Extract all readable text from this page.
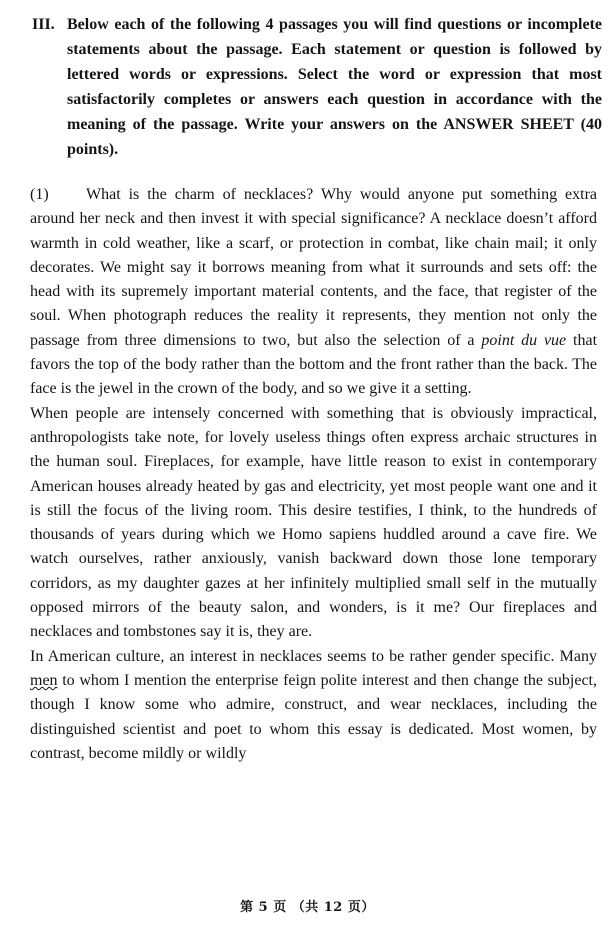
III. Below each of the following 4 passages you will find questions or incomplete statements about the passage. Each statement or question is followed by lettered words or expressions. Select the word or expression that most satisfactorily completes or answers each question in accordance with the meaning of the passage. Write your answers on the ANSWER SHEET (40 points).

(1) What is the charm of necklaces? Why would anyone put something extra around her neck and then invest it with special significance? A necklace doesn’t afford warmth in cold weather, like a scarf, or protection in combat, like chain mail; it only decorates. We might say it borrows meaning from what it surrounds and sets off: the head with its supremely important material contents, and the face, that register of the soul. When photograph reduces the reality it represents, they mention not only the passage from three dimensions to two, but also the selection of a point du vue that favors the top of the body rather than the bottom and the front rather than the back. The face is the jewel in the crown of the body, and so we give it a setting.

When people are intensely concerned with something that is obviously impractical, anthropologists take note, for lovely useless things often express archaic structures in the human soul. Fireplaces, for example, have little reason to exist in contemporary American houses already heated by gas and electricity, yet most people want one and it is still the focus of the living room. This desire testifies, I think, to the hundreds of thousands of years during which we Homo sapiens huddled around a cave fire. We watch ourselves, rather anxiously, vanish backward down those lone temporary corridors, as my daughter gazes at her infinitely multiplied small self in the mutually opposed mirrors of the beauty salon, and wonders, is it me? Our fireplaces and necklaces and tombstones say it is, they are.

In American culture, an interest in necklaces seems to be rather gender specific. Many men to whom I mention the enterprise feign polite interest and then change the subject, though I know some who admire, construct, and wear necklaces, including the distinguished scientist and poet to whom this essay is dedicated. Most women, by contrast, become mildly or wildly

第 5 页 （共 12 页）
